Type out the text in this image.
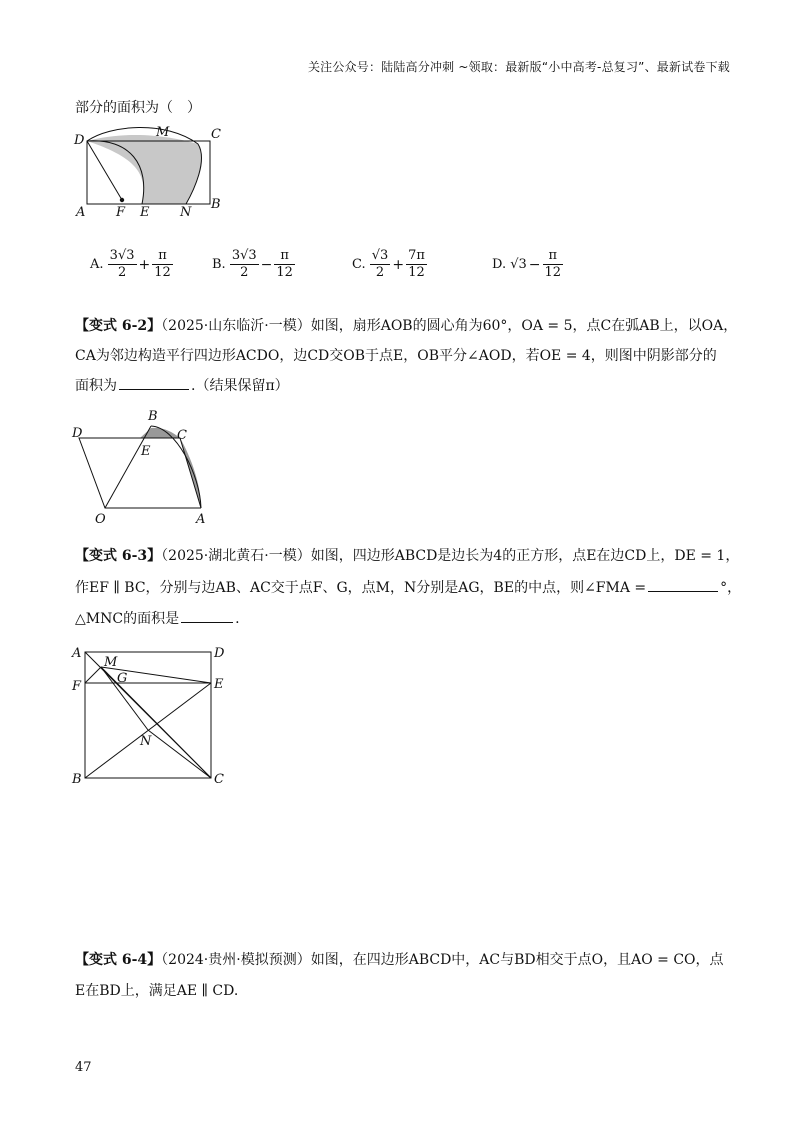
关注公众号：陆陆高分冲刺 ~领取：最新版“小中高考-总复习”、最新试卷下载
部分的面积为（　）
D
M	C
A F E N
B
A. $\frac{3√3}{2} + \frac{\pi}{12}$	B. $\frac{3√3}{2} - \frac{\pi}{12}$	C. $\frac{√3}{2} + \frac{7\pi}{12}$	D. $√3 - \frac{\pi}{12}$
【变式 6-2】（2025·山东临沂·一模）如图，扇形AOB的圆心角为60°，OA = 5，点C在弧AB上，以OA，
CA为邻边构造平行四边形ACDO，边CD交OB于点E，OB平分∠AOD，若OE = 4，则图中阴影部分的
面积为	.（结果保留π）
B
D	C
E
O	A
【变式 6-3】（2025·湖北黄石·一模）如图，四边形ABCD是边长为4的正方形，点E在边CD上，DE = 1，
作EF ∥ BC，分别与边AB、AC交于点F、G，点M，N分别是AG，BE的中点，则∠FMA =	°，
△MNC的面积是	.
A	D
M
G
F	E
N
B	C
【变式 6-4】（2024·贵州·模拟预测）如图，在四边形ABCD中，AC与BD相交于点O，且AO = CO，点
E在BD上，满足AE ∥ CD.
47
